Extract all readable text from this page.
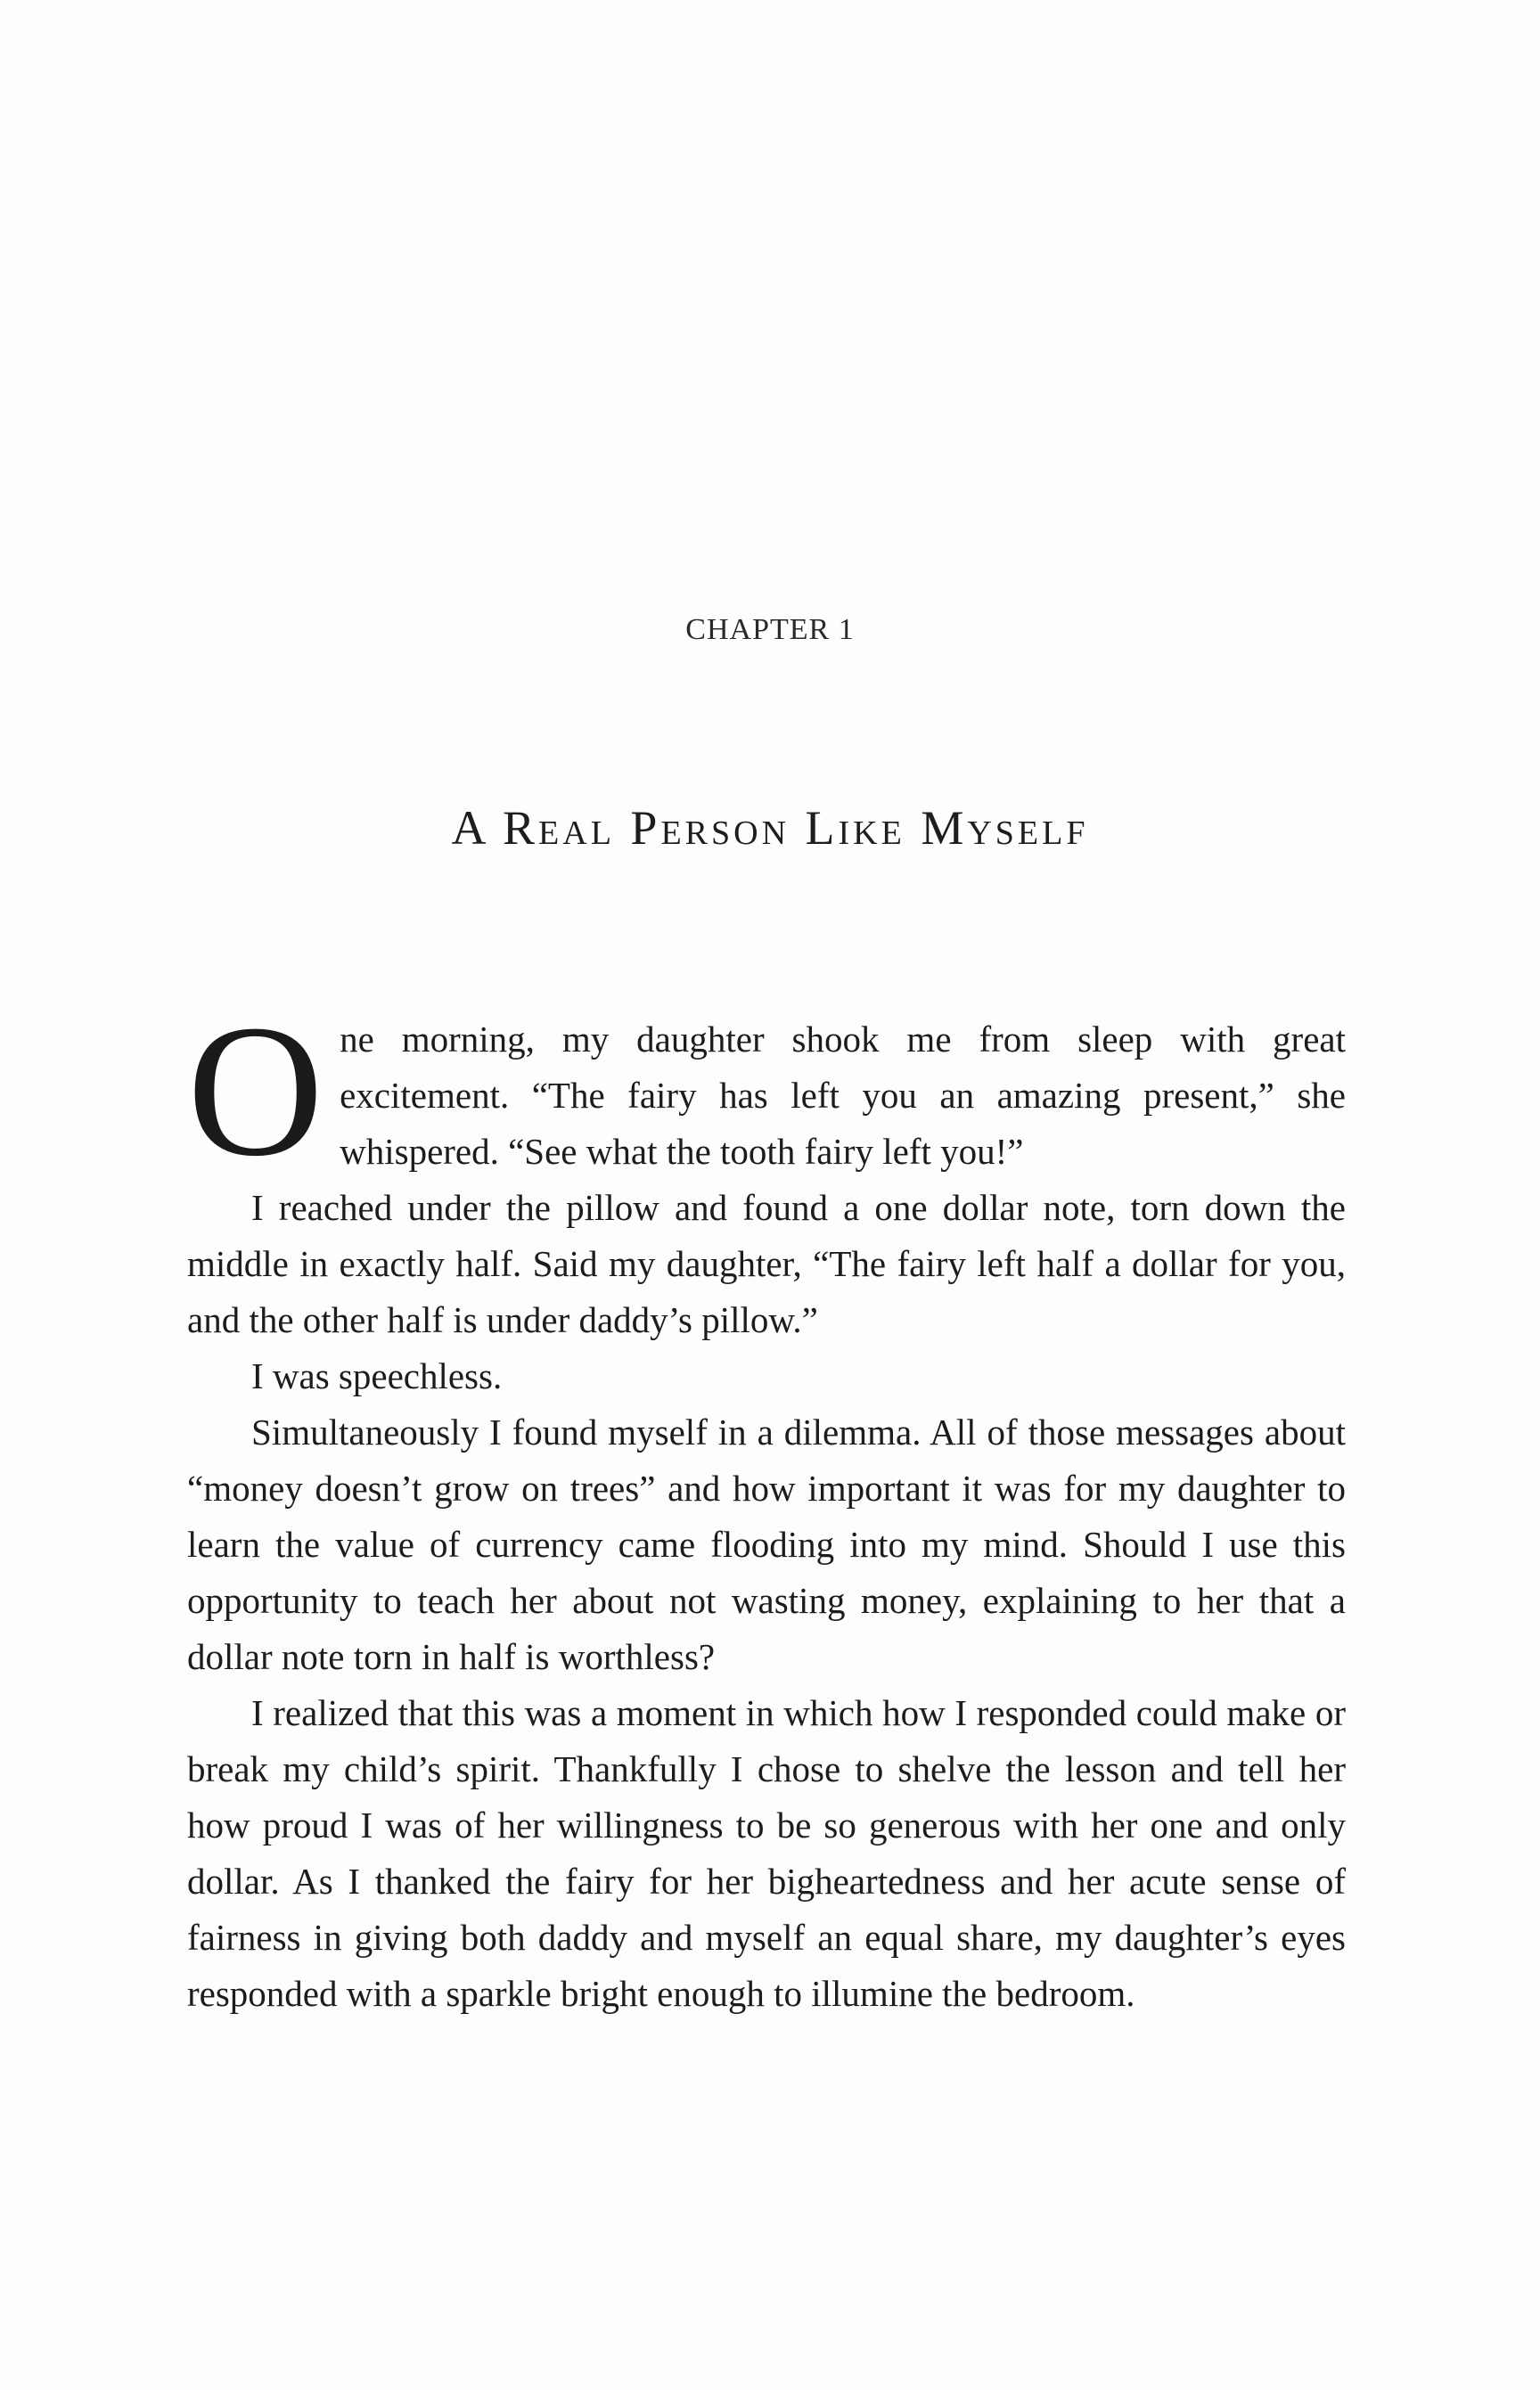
CHAPTER 1
A Real Person Like Myself

One morning, my daughter shook me from sleep with great excitement. “The fairy has left you an amazing present,” she whispered. “See what the tooth fairy left you!”

I reached under the pillow and found a one dollar note, torn down the middle in exactly half. Said my daughter, “The fairy left half a dollar for you, and the other half is under daddy’s pillow.”

I was speechless.

Simultaneously I found myself in a dilemma. All of those messages about “money doesn’t grow on trees” and how important it was for my daughter to learn the value of currency came flooding into my mind. Should I use this opportunity to teach her about not wasting money, explaining to her that a dollar note torn in half is worthless?

I realized that this was a moment in which how I responded could make or break my child’s spirit. Thankfully I chose to shelve the lesson and tell her how proud I was of her willingness to be so generous with her one and only dollar. As I thanked the fairy for her bigheartedness and her acute sense of fairness in giving both daddy and myself an equal share, my daughter’s eyes responded with a sparkle bright enough to illumine the bedroom.
